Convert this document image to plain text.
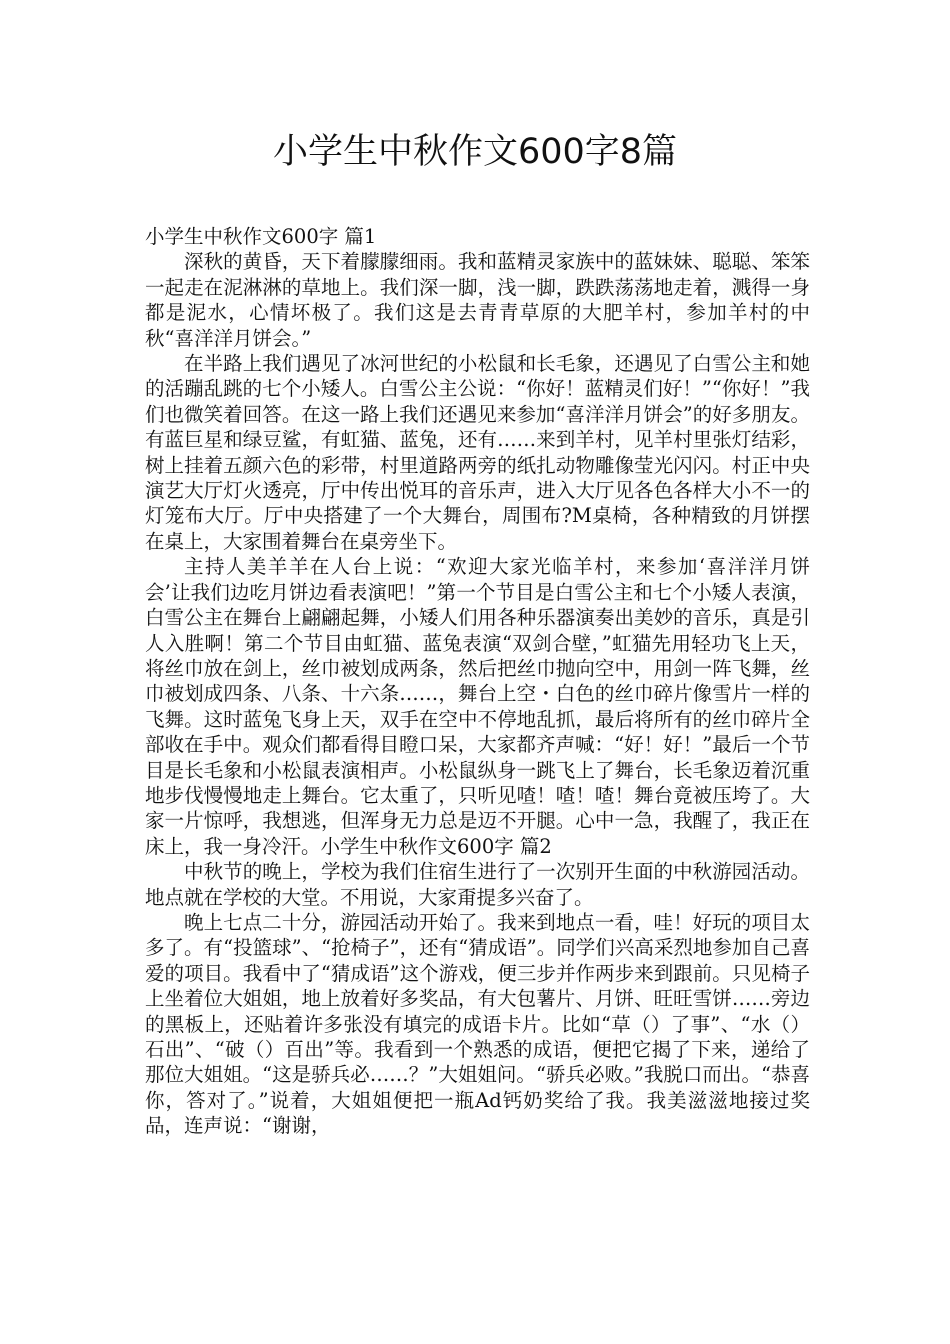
小学生中秋作文600字8篇

小学生中秋作文600字 篇1

深秋的黄昏，天下着朦朦细雨。我和蓝精灵家族中的蓝妹妹、聪聪、笨笨一起走在泥淋淋的草地上。我们深一脚，浅一脚，跌跌荡荡地走着，溅得一身都是泥水，心情坏极了。我们这是去青青草原的大肥羊村，参加羊村的中秋“喜洋洋月饼会。”

在半路上我们遇见了冰河世纪的小松鼠和长毛象，还遇见了白雪公主和她的活蹦乱跳的七个小矮人。白雪公主公说：“你好！蓝精灵们好！”“你好！”我们也微笑着回答。在这一路上我们还遇见来参加“喜洋洋月饼会”的好多朋友。有蓝巨星和绿豆鲨，有虹猫、蓝兔，还有……来到羊村，见羊村里张灯结彩，树上挂着五颜六色的彩带，村里道路两旁的纸扎动物雕像莹光闪闪。村正中央演艺大厅灯火透亮，厅中传出悦耳的音乐声，进入大厅见各色各样大小不一的灯笼布大厅。厅中央搭建了一个大舞台，周围布?M桌椅，各种精致的月饼摆在桌上，大家围着舞台在桌旁坐下。

主持人美羊羊在人台上说：“欢迎大家光临羊村，来参加‘喜洋洋月饼会’让我们边吃月饼边看表演吧！”第一个节目是白雪公主和七个小矮人表演，白雪公主在舞台上翩翩起舞，小矮人们用各种乐器演奏出美妙的音乐，真是引人入胜啊！第二个节目由虹猫、蓝兔表演“双剑合壁，”虹猫先用轻功飞上天，将丝巾放在剑上，丝巾被划成两条，然后把丝巾抛向空中，用剑一阵飞舞，丝巾被划成四条、八条、十六条……，舞台上空・白色的丝巾碎片像雪片一样的飞舞。这时蓝兔飞身上天，双手在空中不停地乱抓，最后将所有的丝巾碎片全部收在手中。观众们都看得目瞪口呆，大家都齐声喊：“好！好！”最后一个节目是长毛象和小松鼠表演相声。小松鼠纵身一跳飞上了舞台，长毛象迈着沉重地步伐慢慢地走上舞台。它太重了，只听见喳！喳！喳！舞台竟被压垮了。大家一片惊呼，我想逃，但浑身无力总是迈不开腿。心中一急，我醒了，我正在床上，我一身冷汗。小学生中秋作文600字 篇2

中秋节的晚上，学校为我们住宿生进行了一次别开生面的中秋游园活动。地点就在学校的大堂。不用说，大家甭提多兴奋了。

晚上七点二十分，游园活动开始了。我来到地点一看，哇！好玩的项目太多了。有“投篮球”、“抢椅子”，还有“猜成语”。同学们兴高采烈地参加自己喜爱的项目。我看中了“猜成语”这个游戏，便三步并作两步来到跟前。只见椅子上坐着位大姐姐，地上放着好多奖品，有大包薯片、月饼、旺旺雪饼……旁边的黑板上，还贴着许多张没有填完的成语卡片。比如“草（）了事”、“水（）石出”、“破（）百出”等。我看到一个熟悉的成语，便把它揭了下来，递给了那位大姐姐。“这是骄兵必……？”大姐姐问。“骄兵必败。”我脱口而出。“恭喜你，答对了。”说着，大姐姐便把一瓶Ad钙奶奖给了我。我美滋滋地接过奖品，连声说：“谢谢，
